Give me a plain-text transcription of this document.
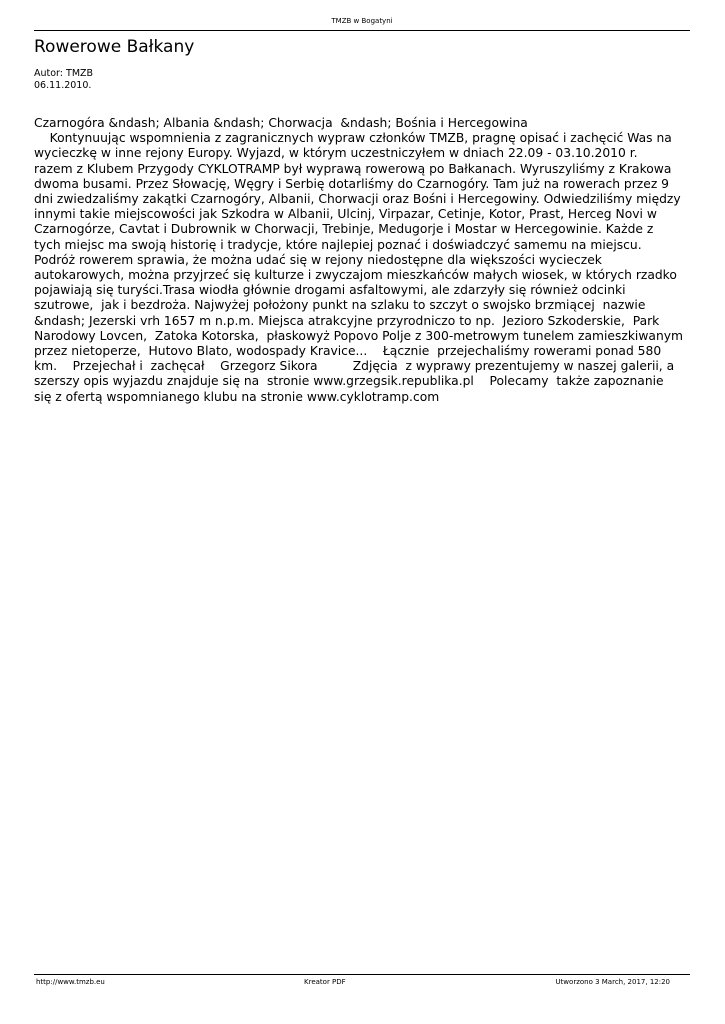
TMZB w Bogatyni
Rowerowe Bałkany
Autor: TMZB
06.11.2010.
Czarnogóra &ndash; Albania &ndash; Chorwacja  &ndash; Bośnia i Hercegowina
Kontynuując wspomnienia z zagranicznych wypraw członków TMZB, pragnę opisać i zachęcić Was na
wycieczkę w inne rejony Europy. Wyjazd, w którym uczestniczyłem w dniach 22.09 - 03.10.2010 r.
razem z Klubem Przygody CYKLOTRAMP był wyprawą rowerową po Bałkanach. Wyruszyliśmy z Krakowa
dwoma busami. Przez Słowację, Węgry i Serbię dotarliśmy do Czarnogóry. Tam już na rowerach przez 9
dni zwiedzaliśmy zakątki Czarnogóry, Albanii, Chorwacji oraz Bośni i Hercegowiny. Odwiedziliśmy między
innymi takie miejscowości jak Szkodra w Albanii, Ulcinj, Virpazar, Cetinje, Kotor, Prast, Herceg Novi w
Czarnogórze, Cavtat i Dubrownik w Chorwacji, Trebinje, Medugorje i Mostar w Hercegowinie. Każde z
tych miejsc ma swoją historię i tradycje, które najlepiej poznać i doświadczyć samemu na miejscu.
Podróż rowerem sprawia, że można udać się w rejony niedostępne dla większości wycieczek
autokarowych, można przyjrzeć się kulturze i zwyczajom mieszkańców małych wiosek, w których rzadko
pojawiają się turyści.Trasa wiodła głównie drogami asfaltowymi, ale zdarzyły się również odcinki
szutrowe,  jak i bezdroża. Najwyżej położony punkt na szlaku to szczyt o swojsko brzmiącej  nazwie
&ndash; Jezerski vrh 1657 m n.p.m. Miejsca atrakcyjne przyrodniczo to np.  Jezioro Szkoderskie,  Park
Narodowy Lovcen,  Zatoka Kotorska,  płaskowyż Popovo Polje z 300-metrowym tunelem zamieszkiwanym
przez nietoperze,  Hutovo Blato, wodospady Kravice...    Łącznie  przejechaliśmy rowerami ponad 580
km.    Przejechał i  zachęcał    Grzegorz Sikora         Zdjęcia  z wyprawy prezentujemy w naszej galerii, a
szerszy opis wyjazdu znajduje się na  stronie www.grzegsik.republika.pl    Polecamy  także zapoznanie
się z ofertą wspomnianego klubu na stronie www.cyklotramp.com
http://www.tmzb.eu	Kreator PDF	Utworzono 3 March, 2017, 12:20
